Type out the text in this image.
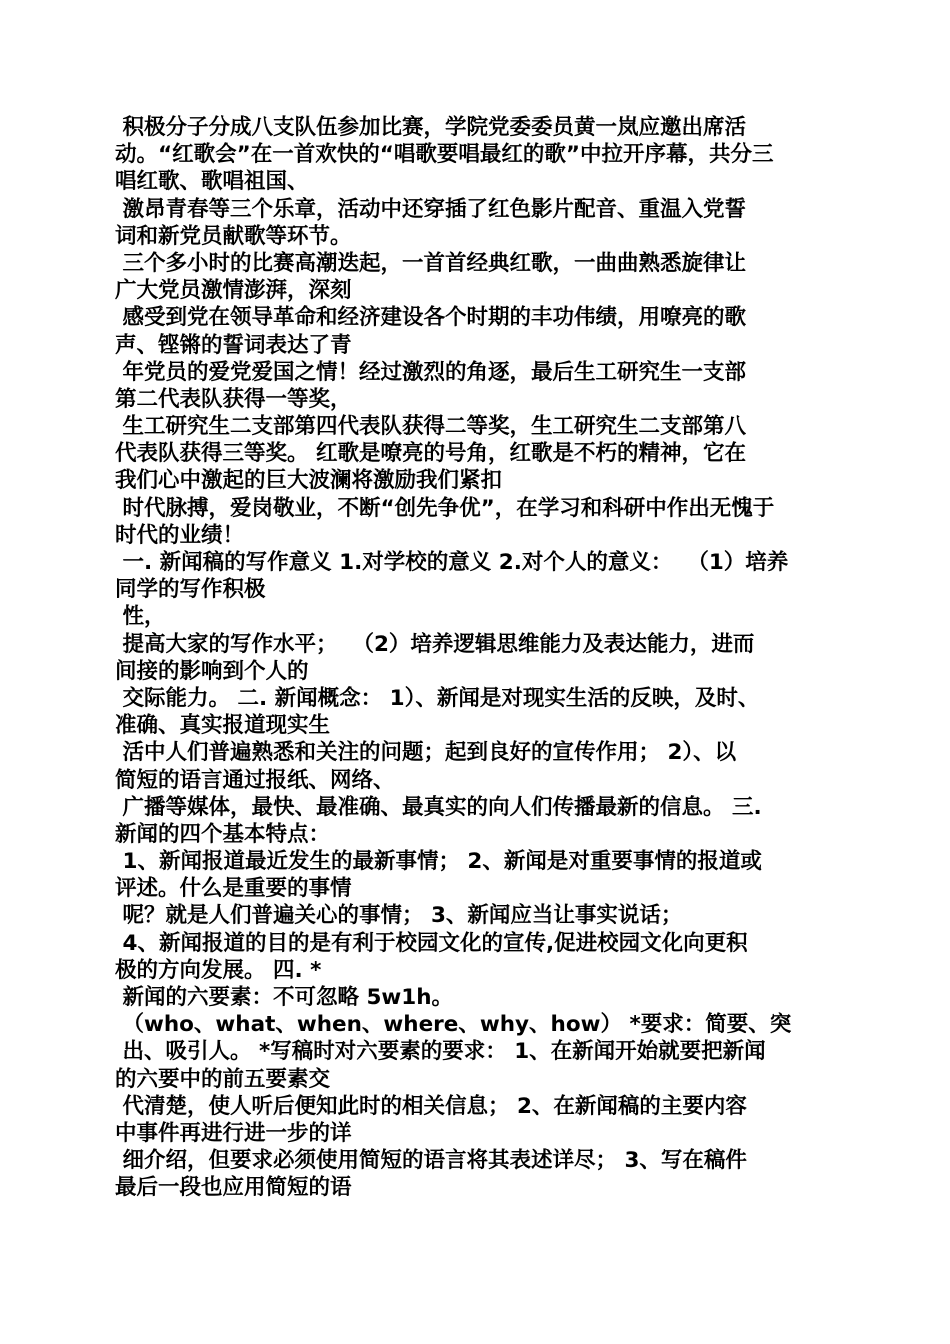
积极分子分成八支队伍参加比赛，学院党委委员黄一岚应邀出席活
动。“红歌会”在一首欢快的“唱歌要唱最红的歌”中拉开序幕，共分三
唱红歌、歌唱祖国、
激昂青春等三个乐章，活动中还穿插了红色影片配音、重温入党誓
词和新党员献歌等环节。
三个多小时的比赛高潮迭起，一首首经典红歌，一曲曲熟悉旋律让
广大党员激情澎湃，深刻
感受到党在领导革命和经济建设各个时期的丰功伟绩，用嘹亮的歌
声、铿锵的誓词表达了青
年党员的爱党爱国之情！经过激烈的角逐，最后生工研究生一支部
第二代表队获得一等奖，
生工研究生二支部第四代表队获得二等奖，生工研究生二支部第八
代表队获得三等奖。 红歌是嘹亮的号角，红歌是不朽的精神，它在
我们心中激起的巨大波澜将激励我们紧扣
时代脉搏，爱岗敬业，不断“创先争优”，在学习和科研中作出无愧于
时代的业绩！
一. 新闻稿的写作意义 1.对学校的意义 2.对个人的意义：  （1）培养
同学的写作积极
性，
提高大家的写作水平；  （2）培养逻辑思维能力及表达能力，进而
间接的影响到个人的
交际能力。 二. 新闻概念： 1）、新闻是对现实生活的反映，及时、
准确、真实报道现实生
活中人们普遍熟悉和关注的问题；起到良好的宣传作用； 2）、以
简短的语言通过报纸、网络、
广播等媒体，最快、最准确、最真实的向人们传播最新的信息。 三.
新闻的四个基本特点：
1、新闻报道最近发生的最新事情； 2、新闻是对重要事情的报道或
评述。什么是重要的事情
呢？就是人们普遍关心的事情； 3、新闻应当让事实说话；
4、新闻报道的目的是有利于校园文化的宣传,促进校园文化向更积
极的方向发展。 四. *
新闻的六要素：不可忽略 5w1h。
（who、what、when、where、why、how） *要求：简要、突
出、吸引人。 *写稿时对六要素的要求： 1、在新闻开始就要把新闻
的六要中的前五要素交
代清楚，使人听后便知此时的相关信息； 2、在新闻稿的主要内容
中事件再进行进一步的详
细介绍，但要求必须使用简短的语言将其表述详尽； 3、写在稿件
最后一段也应用简短的语
